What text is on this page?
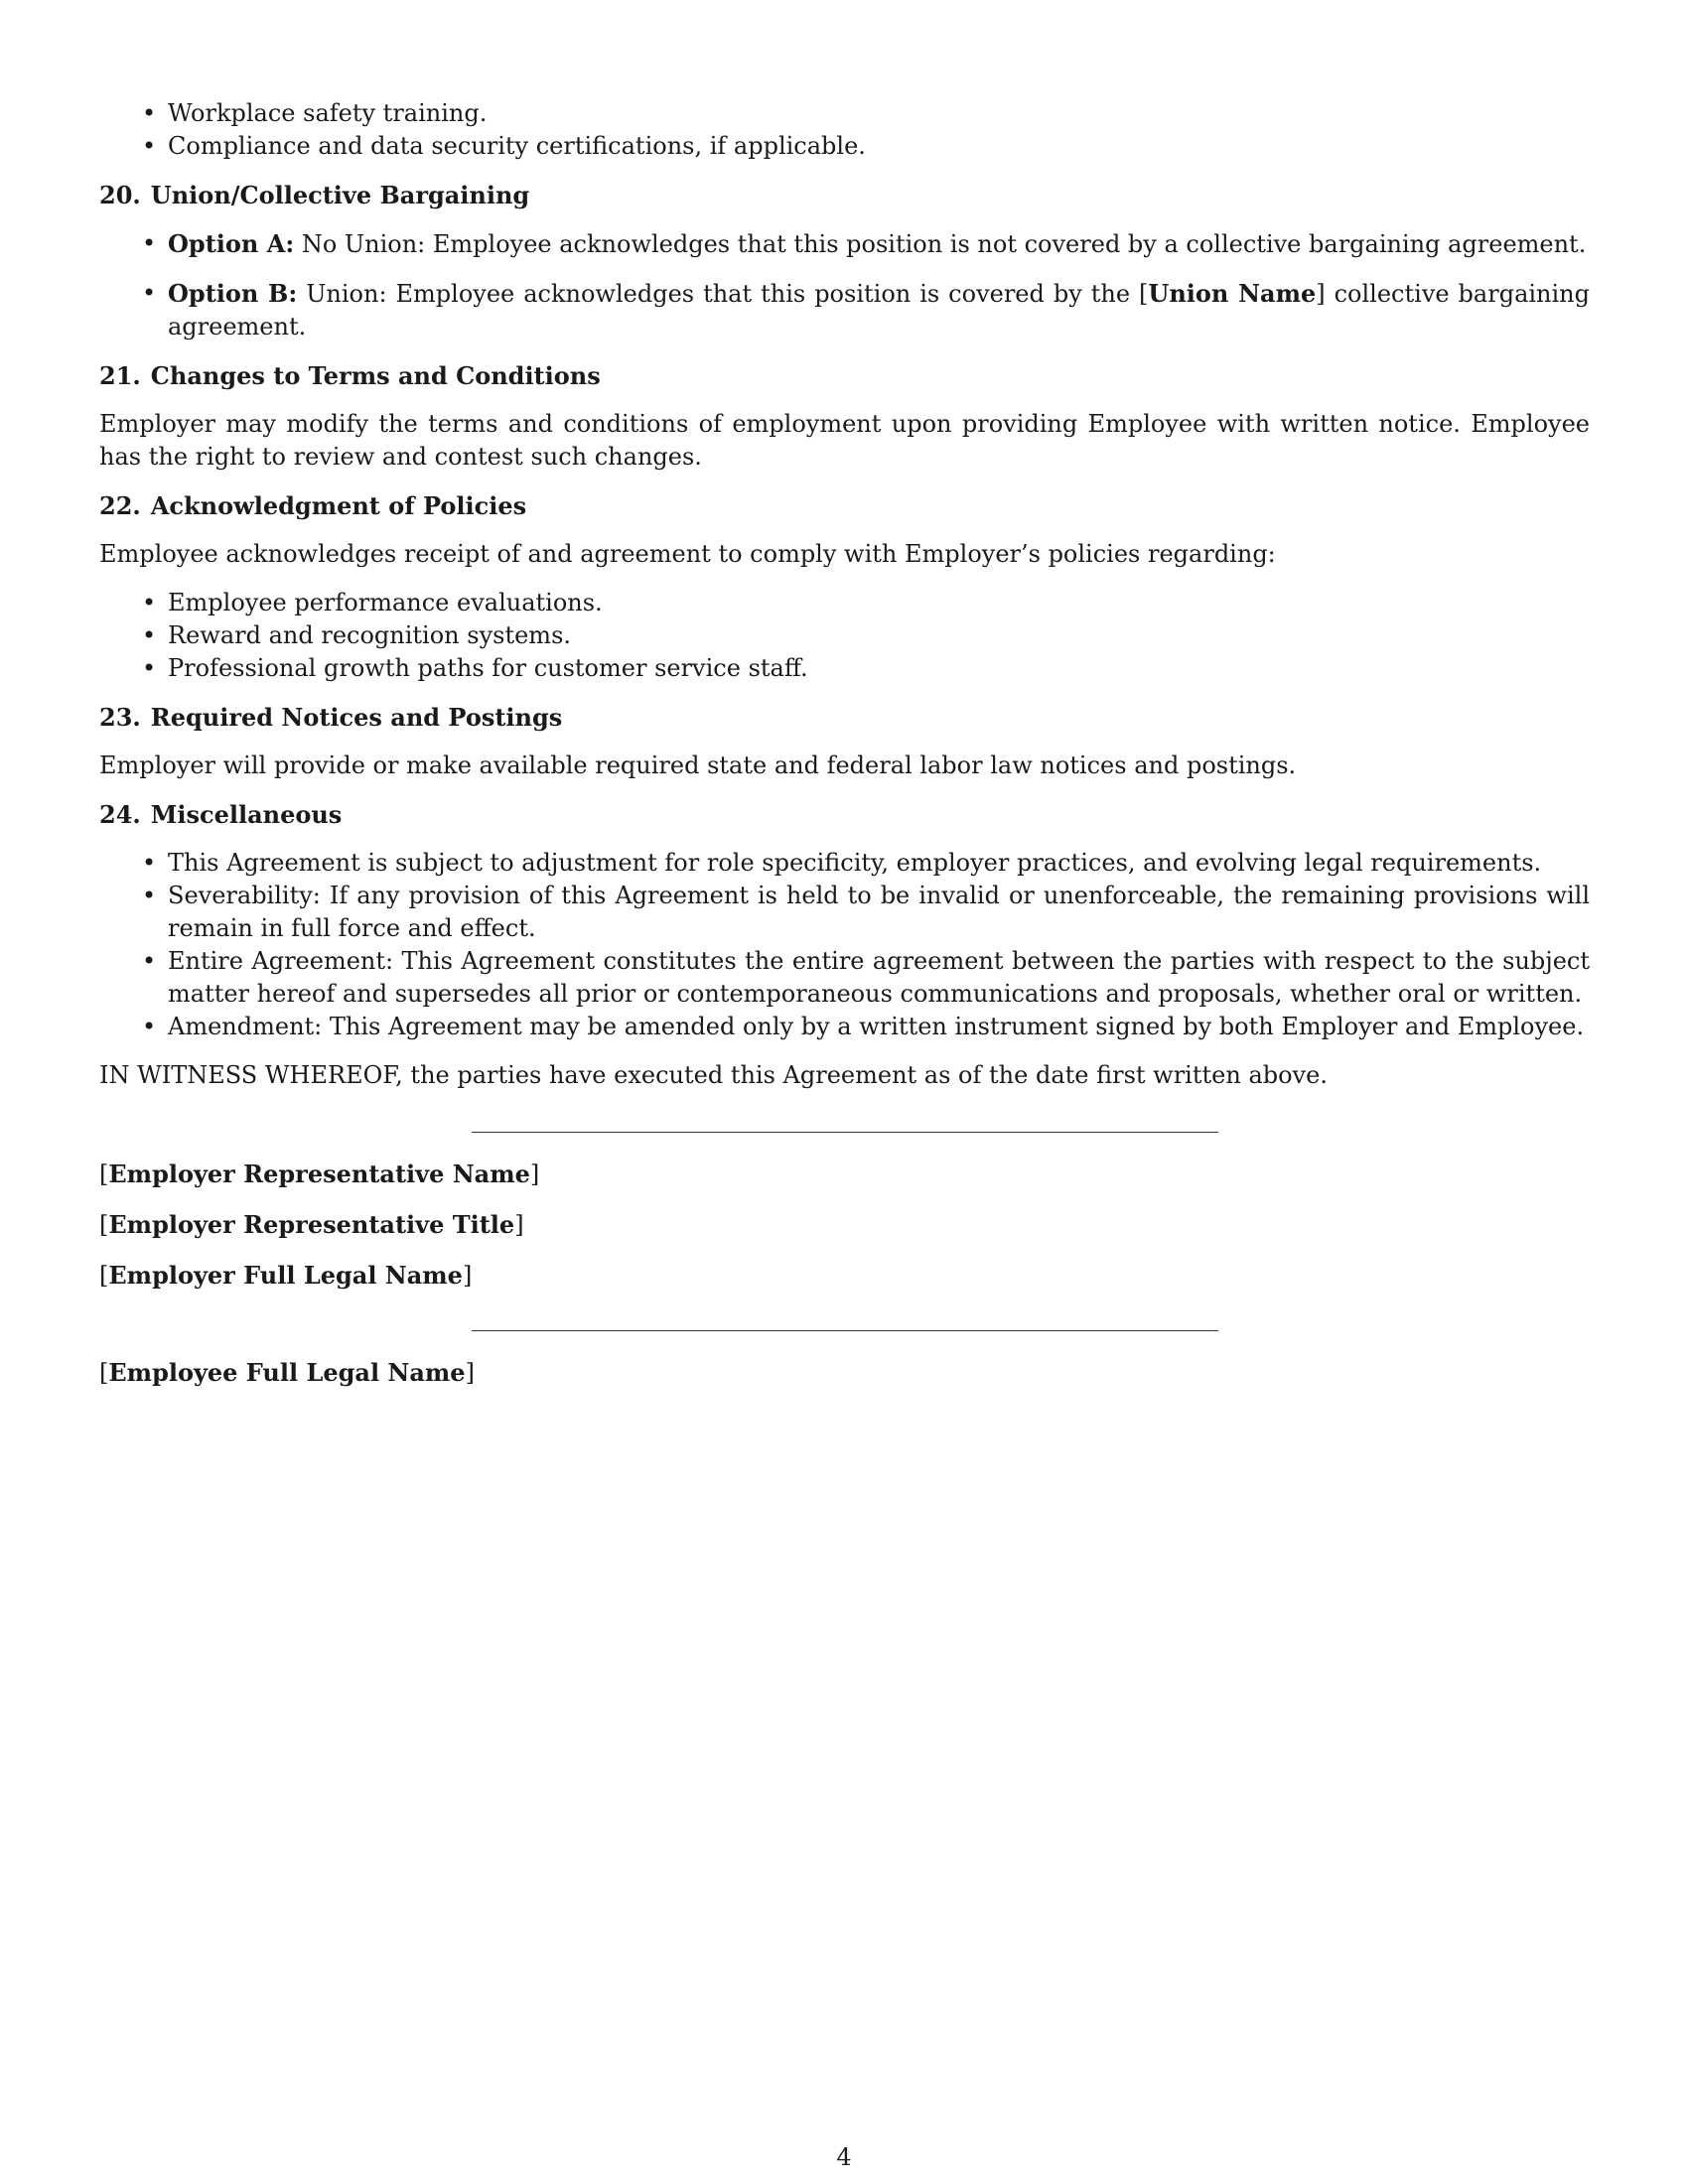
• Workplace safety training.
• Compliance and data security certifications, if applicable.
20. Union/Collective Bargaining
• Option A: No Union: Employee acknowledges that this position is not covered by a collective bargaining agreement.
• Option B: Union: Employee acknowledges that this position is covered by the [Union Name] collective bargaining agreement.
21. Changes to Terms and Conditions

Employer may modify the terms and conditions of employment upon providing Employee with written notice. Employee has the right to review and contest such changes.

22. Acknowledgment of Policies

Employee acknowledges receipt of and agreement to comply with Employer’s policies regarding:

• Employee performance evaluations.
• Reward and recognition systems.
• Professional growth paths for customer service staff.
23. Required Notices and Postings

Employer will provide or make available required state and federal labor law notices and postings.

24. Miscellaneous
• This Agreement is subject to adjustment for role specificity, employer practices, and evolving legal requirements.
• Severability: If any provision of this Agreement is held to be invalid or unenforceable, the remaining provisions will remain in full force and effect.
• Entire Agreement: This Agreement constitutes the entire agreement between the parties with respect to the subject matter hereof and supersedes all prior or contemporaneous communications and proposals, whether oral or written.
• Amendment: This Agreement may be amended only by a written instrument signed by both Employer and Employee.

IN WITNESS WHEREOF, the parties have executed this Agreement as of the date first written above.

[Employer Representative Name]
[Employer Representative Title]
[Employer Full Legal Name]
[Employee Full Legal Name]
4
